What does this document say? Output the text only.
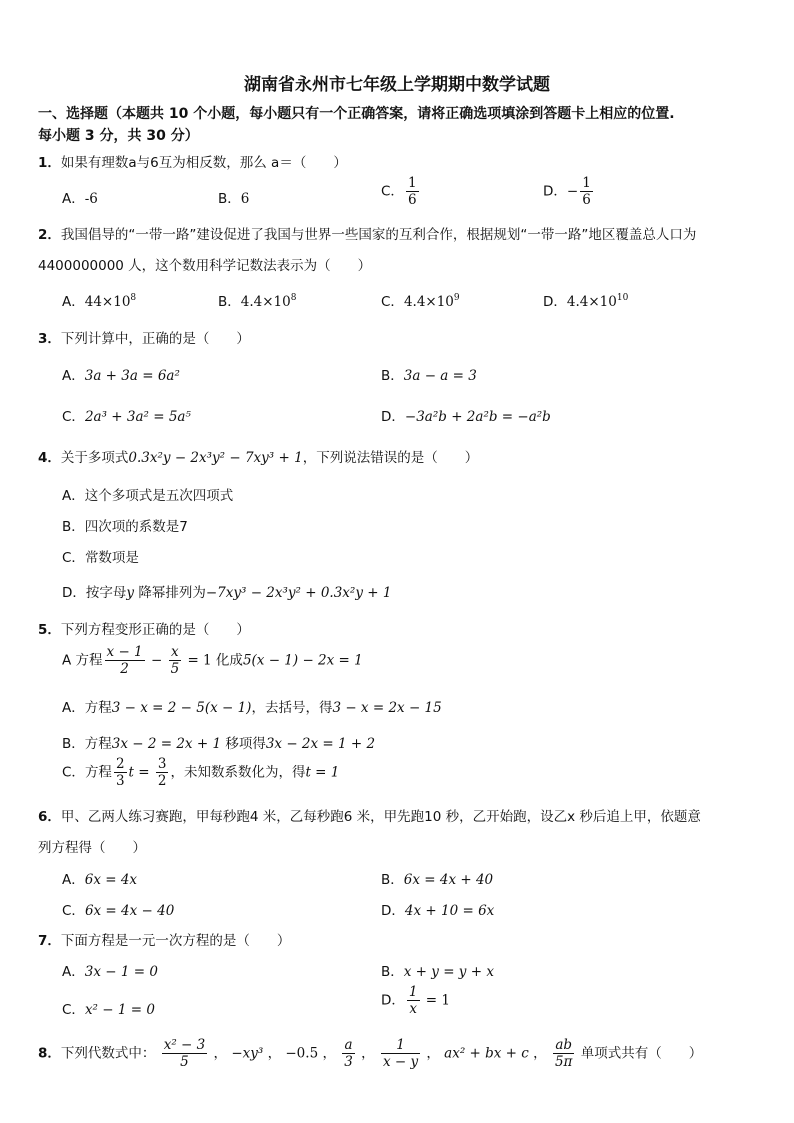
湖南省永州市七年级上学期期中数学试题
一、选择题（本题共 10 个小题，每小题只有一个正确答案，请将正确选项填涂到答题卡上相应的位置.
每小题 3 分，共 30 分）
1．如果有理数a与6互为相反数，那么 a＝（　　）
A．-6	B．6	C． $\frac{1}{6}$	D．− $\frac{1}{6}$
2．我国倡导的“一带一路”建设促进了我国与世界一些国家的互利合作，根据规划“一带一路”地区覆盖总人口为
4400000000 人，这个数用科学记数法表示为（　　）
A．$44\times 10^8$	B．$4.4\times 10^8$	C．$4.4\times 10^9$	D．$4.4\times 10^{10}$
3．下列计算中，正确的是（　　）
A．3a + 3a = 6a²	B．3a − a = 3
C．2a³ + 3a² = 5a⁵	D．−3a²b + 2a²b = −a²b
4．关于多项式0.3x²y − 2x³y² − 7xy³ + 1，下列说法错误的是（　　）
A．这个多项式是五次四项式
B．四次项的系数是7
C．常数项是
D．按字母y 降幂排列为−7xy³ − 2x³y² + 0.3x²y + 1
5．下列方程变形正确的是（　　）
A 方程 $\frac{x - 1}{2} - \frac{x}{5} = 1$ 化成5(x − 1) − 2x = 1
A．方程3 − x = 2 − 5(x − 1)，去括号，得3 − x = 2x − 15
B．方程3x − 2 = 2x + 1 移项得3x − 2x = 1 + 2
C．方程 $\frac{2}{3}$ $t = \frac{3}{2}$ ，未知数系数化为，得t = 1
6．甲、乙两人练习赛跑，甲每秒跑4 米，乙每秒跑6 米，甲先跑10 秒，乙开始跑，设乙x 秒后追上甲，依题意
列方程得（　　）
A．6x = 4x	B．6x = 4x + 40
C．6x = 4x − 40	D．4x + 10 = 6x
7．下面方程是一元一次方程的是（　　）
A．3x − 1 = 0	B．x + y = y + x
C．x² − 1 = 0
D． $\frac{1}{x} = 1$
8．下列代数式中： $\frac{\text{x² − 3}}{5}$ ， −xy³ ， −0.5 ， $\frac{a}{3}$ ， $\frac{1}{x - y}$ ， ax² + bx + c ， $\frac{ab}{5\pi}$ 单项式共有（　　）
